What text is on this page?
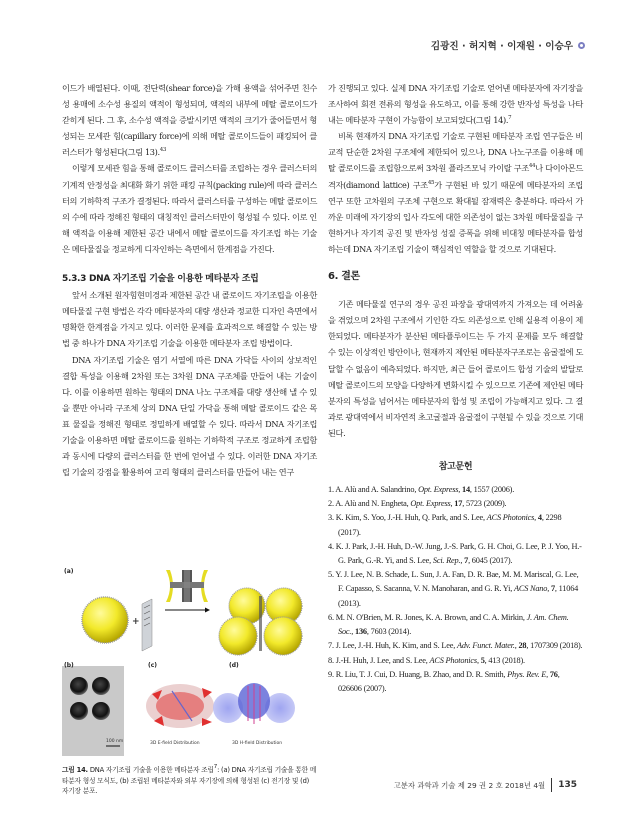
김광진 · 허지혁 · 이재원 · 이승우

이드가 배열된다. 이때, 전단력(shear force)을 가해 용액을 섞어주면 친수성 용매에 소수성 용질의 액적이 형성되며, 액적의 내부에 메탈 콜로이드가 갇히게 된다. 그 후, 소수성 액적을 증발시키면 액적의 크기가 줄어들면서 형성되는 모세관 힘(capillary force)에 의해 메탈 콜로이드들이 패킹되어 클러스터가 형성된다(그림 13).$^{43}$

이렇게 모세관 힘을 통해 콜로이드 클러스터를 조립하는 경우 클러스터의 기계적 안정성을 최대화 화기 위한 패킹 규칙(packing rule)에 따라 클러스터의 기하학적 구조가 결정된다. 따라서 클러스터를 구성하는 메탈 콜로이드의 수에 따라 정해진 형태의 대칭적인 클러스터만이 형성될 수 있다. 이로 인해 액적을 이용해 제한된 공간 내에서 메탈 콜로이드를 자기조립 하는 기술은 메타물질을 정교하게 디자인하는 측면에서 한계점을 가진다.

5.3.3 DNA 자기조립 기술을 이용한 메타분자 조립

앞서 소개된 원자힘현미경과 제한된 공간 내 콜로이드 자기조립을 이용한 메타물질 구현 방법은 각각 메타분자의 대량 생산과 정교한 디자인 측면에서 명확한 한계점을 가지고 있다. 이러한 문제를 효과적으로 해결할 수 있는 방법 중 하나가 DNA 자기조립 기술을 이용한 메타분자 조립 방법이다.

DNA 자기조립 기술은 염기 서열에 따른 DNA 가닥들 사이의 상보적인 결합 특성을 이용해 2차원 또는 3차원 DNA 구조체를 만들어 내는 기술이다. 이를 이용하면 원하는 형태의 DNA 나노 구조체를 대량 생산해 낼 수 있을 뿐만 아니라 구조체 상의 DNA 단일 가닥을 통해 메탈 콜로이드 같은 목표 물질을 정해진 형태로 정밀하게 배열할 수 있다. 따라서 DNA 자기조립 기술을 이용하면 메탈 콜로이드를 원하는 기하학적 구조로 정교하게 조립함과 동시에 다량의 클러스터를 한 번에 얻어낼 수 있다. 이러한 DNA 자기조립 기술의 강점을 활용하여 고리 형태의 클러스터를 만들어 내는 연구

(a)
+
100 nm	3D E-field Distribution	3D H-field Distribution
(b)	(c)	(d)
그림 14. DNA 자기조립 기술을 이용한 메타분자 조립$^7$: (a) DNA 자기조립 기술을 통한 메타분자 형성 모식도, (b) 조립된 메타분자와 외부 자기장에 의해 형성된 (c) 전기장 및 (d) 자기장 분포.

가 진행되고 있다. 실제 DNA 자기조립 기술로 얻어낸 메타분자에 자기장을 조사하여 회전 전류의 형성을 유도하고, 이를 통해 강한 반자성 특성을 나타내는 메타분자 구현이 가능함이 보고되었다(그림 14).$^7$

비록 현재까지 DNA 자기조립 기술로 구현된 메타분자 조립 연구들은 비교적 단순한 2차원 구조체에 제한되어 있으나, DNA 나노구조를 이용해 메탈 콜로이드를 조립함으로써 3차원 플라즈모닉 카이랄 구조$^{44}$나 다이아몬드 격자(diamond lattice) 구조$^{45}$가 구현된 바 있기 때문에 메타분자의 조립 연구 또한 고차원의 구조체 구현으로 확대될 잠재력은 충분하다. 따라서 가까운 미래에 자기장의 입사 각도에 대한 의존성이 없는 3차원 메타물질을 구현하거나 자기적 공진 및 반자성 성질 증폭을 위해 비대칭 메타분자를 합성하는데 DNA 자기조립 기술이 핵심적인 역할을 할 것으로 기대된다.

6. 결론

기존 메타물질 연구의 경우 공진 파장을 광대역까지 가져오는 데 어려움을 겪었으며 2차원 구조에서 기인한 각도 의존성으로 인해 실용적 이용이 제한되었다. 메타분자가 분산된 메타플루이드는 두 가지 문제를 모두 해결할 수 있는 이상적인 방안이나, 현재까지 제안된 메타분자구조로는 음굴절에 도달할 수 없음이 예측되었다. 하지만, 최근 들어 콜로이드 합성 기술의 발달로 메탈 콜로이드의 모양을 다양하게 변화시킬 수 있으므로 기존에 제안된 메타분자의 특성을 넘어서는 메타분자의 합성 및 조립이 가능해지고 있다. 그 결과로 광대역에서 비자연적 초고굴절과 음굴절이 구현될 수 있을 것으로 기대된다.

참고문헌
1. A. Alù and A. Salandrino, Opt. Express, 14, 1557 (2006).
2. A. Alù and N. Engheta, Opt. Express, 17, 5723 (2009).
3. K. Kim, S. Yoo, J.-H. Huh, Q. Park, and S. Lee, ACS Photonics, 4, 2298 (2017).
4. K. J. Park, J.-H. Huh, D.-W. Jung, J.-S. Park, G. H. Choi, G. Lee, P. J. Yoo, H.-G. Park, G.-R. Yi, and S. Lee, Sci. Rep., 7, 6045 (2017).
5. Y. J. Lee, N. B. Schade, L. Sun, J. A. Fan, D. R. Bae, M. M. Mariscal, G. Lee, F. Capasso, S. Sacanna, V. N. Manoharan, and G. R. Yi, ACS Nano, 7, 11064 (2013).
6. M. N. O'Brien, M. R. Jones, K. A. Brown, and C. A. Mirkin, J. Am. Chem. Soc., 136, 7603 (2014).
7. J. Lee, J.-H. Huh, K. Kim, and S. Lee, Adv. Funct. Mater., 28, 1707309 (2018).
8. J.-H. Huh, J. Lee, and S. Lee, ACS Photonics, 5, 413 (2018).
9. R. Liu, T. J. Cui, D. Huang, B. Zhao, and D. R. Smith, Phys. Rev. E, 76, 026606 (2007).
고분자 과학과 기술 제 29 권 2 호 2018년 4월 135
